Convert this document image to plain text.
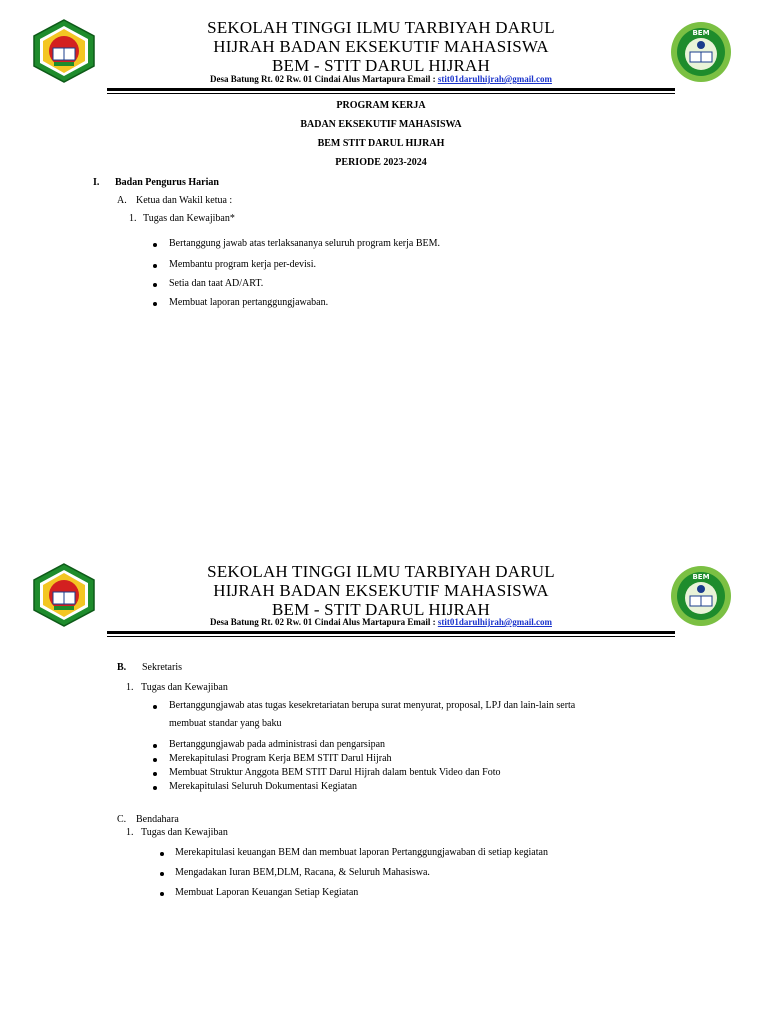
SEKOLAH TINGGI ILMU TARBIYAH DARUL
HIJRAH BADAN EKSEKUTIF MAHASISWA
BEM - STIT DARUL HIJRAH
Desa Batung Rt. 02 Rw. 01 Cindai Alus Martapura Email : stit01darulhijrah@gmail.com
BEM
PROGRAM KERJA
BADAN EKSEKUTIF MAHASISWA
BEM STIT DARUL HIJRAH
PERIODE 2023-2024
I. Badan Pengurus Harian
A. Ketua dan Wakil ketua :
1. Tugas dan Kewajiban*
Bertanggung jawab atas terlaksananya seluruh program kerja BEM.
Membantu program kerja per-devisi.
Setia dan taat AD/ART.
Membuat laporan pertanggungjawaban.
SEKOLAH TINGGI ILMU TARBIYAH DARUL
HIJRAH BADAN EKSEKUTIF MAHASISWA
BEM - STIT DARUL HIJRAH
Desa Batung Rt. 02 Rw. 01 Cindai Alus Martapura Email : stit01darulhijrah@gmail.com
BEM
B. Sekretaris
1. Tugas dan Kewajiban
Bertanggungjawab atas tugas kesekretariatan berupa surat menyurat, proposal, LPJ dan lain-lain serta
membuat standar yang baku
Bertanggungjawab pada administrasi dan pengarsipan
Merekapitulasi Program Kerja BEM STIT Darul Hijrah
Membuat Struktur Anggota BEM STIT Darul Hijrah dalam bentuk Video dan Foto
Merekapitulasi Seluruh Dokumentasi Kegiatan
C. Bendahara
1. Tugas dan Kewajiban
Merekapitulasi keuangan BEM dan membuat laporan Pertanggungjawaban di setiap kegiatan
Mengadakan Iuran BEM,DLM, Racana, & Seluruh Mahasiswa.
Membuat Laporan Keuangan Setiap Kegiatan
